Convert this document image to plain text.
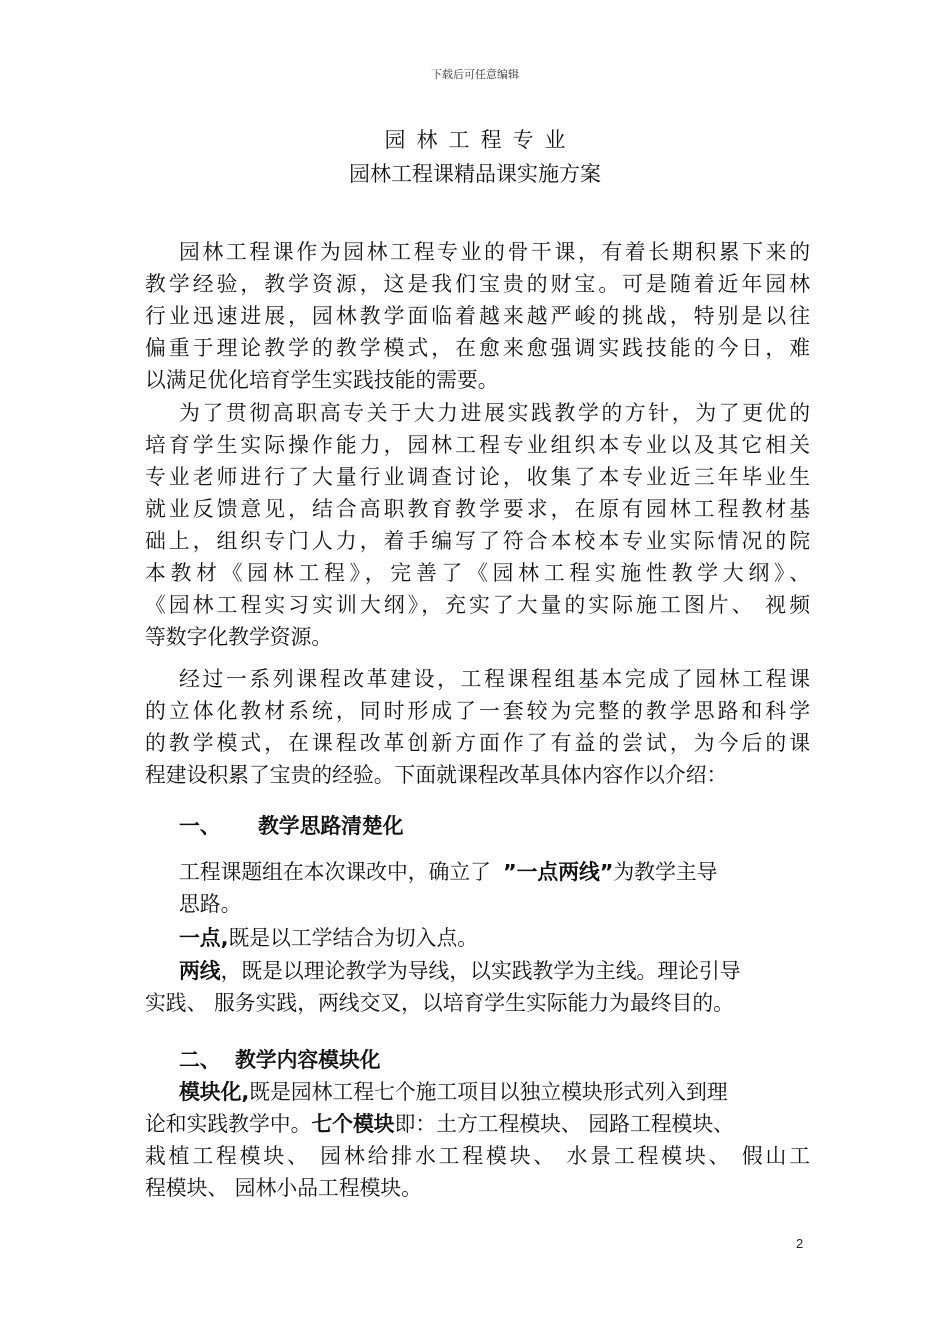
下载后可任意编辑
园林工程专业
园林工程课精品课实施方案
园林工程课作为园林工程专业的骨干课，有着长期积累下来的
教学经验，教学资源，这是我们宝贵的财宝。可是随着近年园林
行业迅速进展，园林教学面临着越来越严峻的挑战，特别是以往
偏重于理论教学的教学模式，在愈来愈强调实践技能的今日，难
以满足优化培育学生实践技能的需要。
为了贯彻高职高专关于大力进展实践教学的方针，为了更优的
培育学生实际操作能力，园林工程专业组织本专业以及其它相关
专业老师进行了大量行业调查讨论，收集了本专业近三年毕业生
就业反馈意见，结合高职教育教学要求，在原有园林工程教材基
础上，组织专门人力，着手编写了符合本校本专业实际情况的院
本教材《园林工程》，完善了《园林工程实施性教学大纲》、
《园林工程实习实训大纲》，充实了大量的实际施工图片、 视频
等数字化教学资源。
经过一系列课程改革建设，工程课程组基本完成了园林工程课
的立体化教材系统，同时形成了一套较为完整的教学思路和科学
的教学模式，在课程改革创新方面作了有益的尝试，为今后的课
程建设积累了宝贵的经验。下面就课程改革具体内容作以介绍：
一、 教学思路清楚化
工程课题组在本次课改中，确立了 ”一点两线”为教学主导
思路。
一点,既是以工学结合为切入点。
两线，既是以理论教学为导线，以实践教学为主线。理论引导
实践、 服务实践，两线交叉，以培育学生实际能力为最终目的。
二、 教学内容模块化
模块化,既是园林工程七个施工项目以独立模块形式列入到理
论和实践教学中。七个模块即：土方工程模块、 园路工程模块、
栽植工程模块、 园林给排水工程模块、 水景工程模块、 假山工
程模块、 园林小品工程模块。
2
